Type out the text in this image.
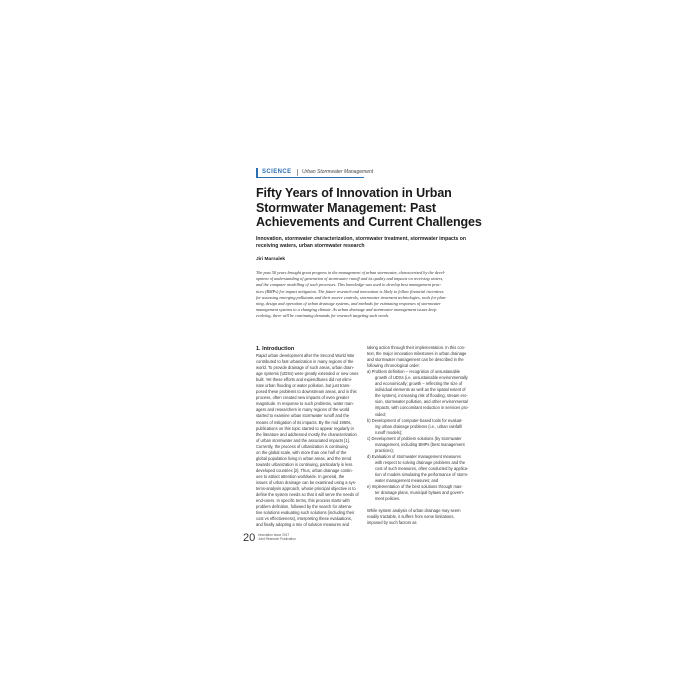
SCIENCE Urban Stormwater Management
Fifty Years of Innovation in Urban
Stormwater Management: Past
Achievements and Current Challenges
Innovation, stormwater characterization, stormwater treatment, stormwater impacts on
receiving waters, urban stormwater research
Jiri Marsalek
The past 50 years brought great progress in the management of urban stormwater, characterized by the devel-
opment of understanding of generation of stormwater runoff and its quality and impacts on receiving waters,
and the computer modelling of such processes. This knowledge was used to develop best management prac-
tices (BMPs) for impact mitigation. The future research and innovation is likely to follow financial incentives
for assessing emerging pollutants and their source controls, stormwater treatment technologies, tools for plan-
ning, design and operation of urban drainage systems, and methods for estimating responses of stormwater
management systems to a changing climate. As urban drainage and stormwater management issues keep
evolving, there will be continuing demands for research targeting such needs.
1. Introduction
Rapid urban development after the Second World War
contributed to fast urbanization in many regions of the
world. To provide drainage of such areas, urban drain-
age systems (UDSs) were greatly extended or new ones
built. Yet these efforts and expenditures did not elimi-
nate urban flooding or water pollution, but just trans-
posed these problems to downstream areas, and in this
process, often created new impacts of even greater
magnitude. In response to such problems, water man-
agers and researchers in many regions of the world
started to examine urban stormwater runoff and the
means of mitigation of its impacts. By the mid 1960s,
publications on this topic started to appear regularly in
the literature and addressed mostly the characterization
of urban stormwater and the associated impacts [1].
Currently, the process of urbanization is continuing
on the global scale, with more than one half of the
global population living in urban areas, and the trend
towards urbanization is continuing, particularly in less
developed countries [2]. Thus, urban drainage contin-
ues to attract attention worldwide. In general, the
issues of urban drainage can be examined using a sys-
tems-analysis approach, whose principal objective is to
define the system needs so that it will serve the needs of
end-users. In specific terms, this process starts with
problem definition, followed by the search for alterna-
tive solutions evaluating such solutions (including their
cost vs effectiveness), interpreting these evaluations,
and finally adopting a mix of solution measures and
taking action through their implementation. In this con-
text, the major innovation milestones in urban drainage
and stormwater management can be described in the
following chronological order:
a) Problem definition – recognition of unsustainable
growth of UDSs (i.e. unsustainable environmentally
and economically; growth – reflecting the size of
individual elements as well as the spatial extent of
the system), increasing risk of flooding, stream ero-
sion, stormwater pollution, and other environmental
impacts, with concomitant reduction in services pro-
vided;
b) Development of computer-based tools for evaluat-
ing urban drainage problems (i.e., urban rainfall/
runoff models);
c) Development of problem solutions (by stormwater
management, including BMPs (best management
practices);
d) Evaluation of stormwater management measures
with respect to solving drainage problems and the
cost of such measures, often conducted by applica-
tion of models simulating the performance of storm-
water management measures; and
e) Implementation of the best solutions through mas-
ter drainage plans, municipal bylaws and govern-
ment policies.
While system analysis of urban drainage may seem
readily tractable, it suffers from some limitations,
imposed by such factors as
20 Innovation Issue 2017
Joint Research Publication
